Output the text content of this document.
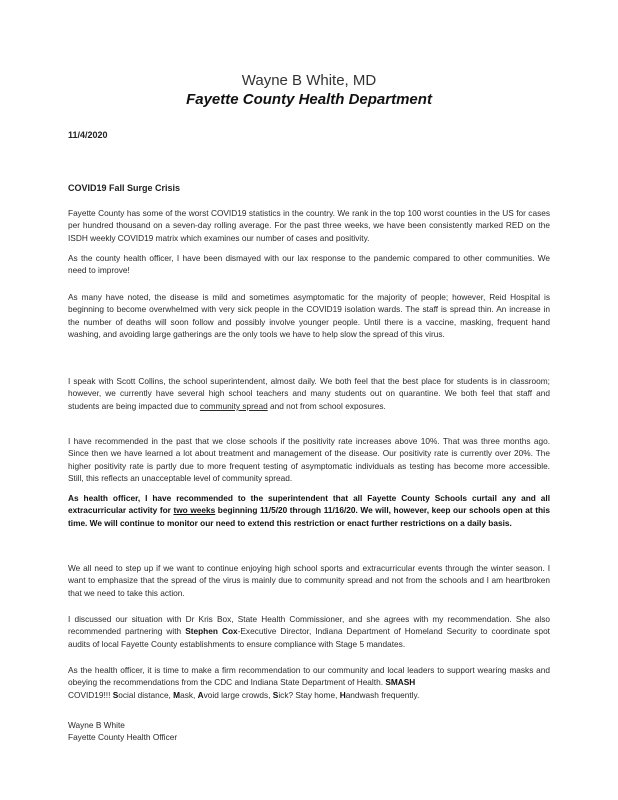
Wayne B White, MD
Fayette County Health Department
11/4/2020
COVID19 Fall Surge Crisis
Fayette County has some of the worst COVID19 statistics in the country. We rank in the top 100 worst counties in the US for cases per hundred thousand on a seven-day rolling average. For the past three weeks, we have been consistently marked RED on the ISDH weekly COVID19 matrix which examines our number of cases and positivity.
As the county health officer, I have been dismayed with our lax response to the pandemic compared to other communities. We need to improve!
As many have noted, the disease is mild and sometimes asymptomatic for the majority of people; however, Reid Hospital is beginning to become overwhelmed with very sick people in the COVID19 isolation wards. The staff is spread thin. An increase in the number of deaths will soon follow and possibly involve younger people. Until there is a vaccine, masking, frequent hand washing, and avoiding large gatherings are the only tools we have to help slow the spread of this virus.
I speak with Scott Collins, the school superintendent, almost daily. We both feel that the best place for students is in classroom; however, we currently have several high school teachers and many students out on quarantine. We both feel that staff and students are being impacted due to community spread and not from school exposures.
I have recommended in the past that we close schools if the positivity rate increases above 10%. That was three months ago. Since then we have learned a lot about treatment and management of the disease. Our positivity rate is currently over 20%. The higher positivity rate is partly due to more frequent testing of asymptomatic individuals as testing has become more accessible. Still, this reflects an unacceptable level of community spread.
As health officer, I have recommended to the superintendent that all Fayette County Schools curtail any and all extracurricular activity for two weeks beginning 11/5/20 through 11/16/20. We will, however, keep our schools open at this time. We will continue to monitor our need to extend this restriction or enact further restrictions on a daily basis.
We all need to step up if we want to continue enjoying high school sports and extracurricular events through the winter season. I want to emphasize that the spread of the virus is mainly due to community spread and not from the schools and I am heartbroken that we need to take this action.
I discussed our situation with Dr Kris Box, State Health Commissioner, and she agrees with my recommendation. She also recommended partnering with Stephen Cox-Executive Director, Indiana Department of Homeland Security to coordinate spot audits of local Fayette County establishments to ensure compliance with Stage 5 mandates.
As the health officer, it is time to make a firm recommendation to our community and local leaders to support wearing masks and obeying the recommendations from the CDC and Indiana State Department of Health. SMASH
COVID19!!! Social distance, Mask, Avoid large crowds, Sick? Stay home, Handwash frequently.
Wayne B White
Fayette County Health Officer
